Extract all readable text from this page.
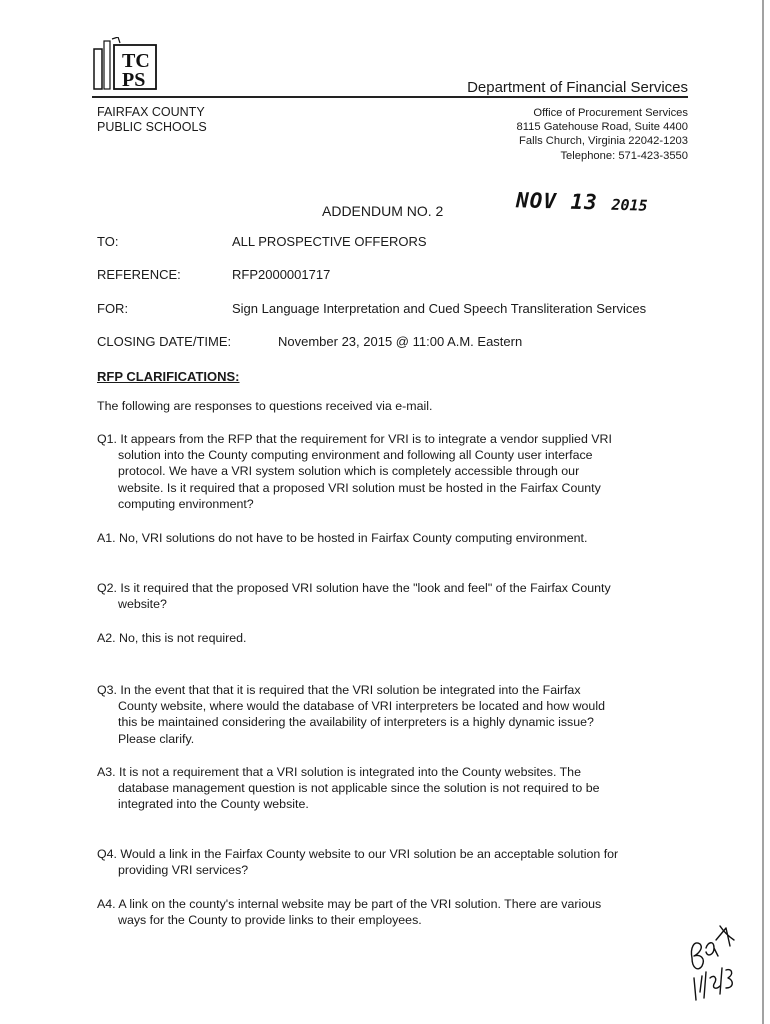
TC
PS	Department of Financial Services
FAIRFAX COUNTY
PUBLIC SCHOOLS
Office of Procurement Services
8115 Gatehouse Road, Suite 4400
Falls Church, Virginia 22042-1203
Telephone: 571-423-3550
ADDENDUM NO. 2	NOV 13 2015
TO:	ALL PROSPECTIVE OFFERORS
REFERENCE:	RFP2000001717
FOR:	Sign Language Interpretation and Cued Speech Transliteration Services
CLOSING DATE/TIME:	November 23, 2015 @ 11:00 A.M. Eastern
RFP CLARIFICATIONS:
The following are responses to questions received via e-mail.
Q1. It appears from the RFP that the requirement for VRI is to integrate a vendor supplied VRI
solution into the County computing environment and following all County user interface
protocol. We have a VRI system solution which is completely accessible through our
website. Is it required that a proposed VRI solution must be hosted in the Fairfax County
computing environment?
A1. No, VRI solutions do not have to be hosted in Fairfax County computing environment.
Q2. Is it required that the proposed VRI solution have the "look and feel" of the Fairfax County
website?
A2. No, this is not required.
Q3. In the event that that it is required that the VRI solution be integrated into the Fairfax
County website, where would the database of VRI interpreters be located and how would
this be maintained considering the availability of interpreters is a highly dynamic issue?
Please clarify.
A3. It is not a requirement that a VRI solution is integrated into the County websites. The
database management question is not applicable since the solution is not required to be
integrated into the County website.
Q4. Would a link in the Fairfax County website to our VRI solution be an acceptable solution for
providing VRI services?
A4. A link on the county's internal website may be part of the VRI solution. There are various
ways for the County to provide links to their employees.
